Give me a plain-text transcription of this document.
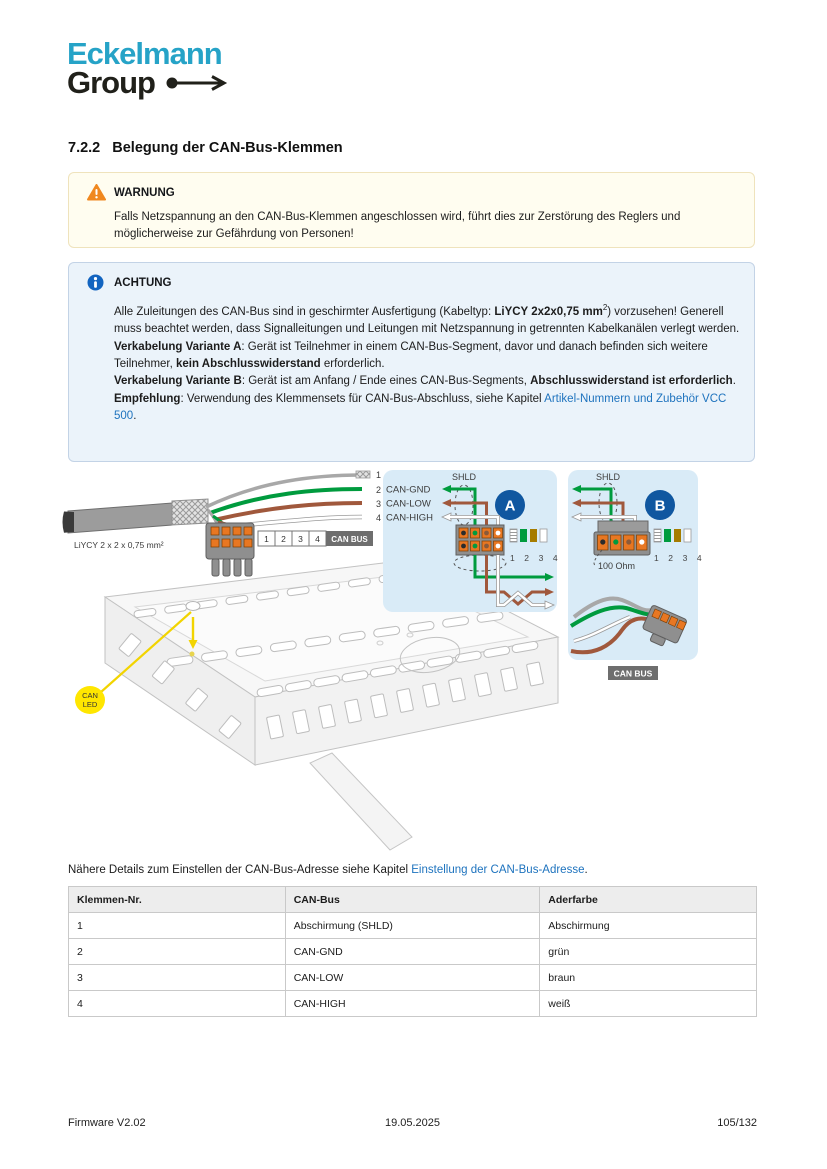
Eckelmann
Group
7.2.2 Belegung der CAN-Bus-Klemmen
WARNUNG
Falls Netzspannung an den CAN-Bus-Klemmen angeschlossen wird, führt dies zur Zerstörung des Reglers und möglicherweise zur Gefährdung von Personen!
ACHTUNG
Alle Zuleitungen des CAN-Bus sind in geschirmter Ausfertigung (Kabeltyp: LiYCY 2x2x0,75 $mm^2$) vorzusehen! Generell muss beachtet werden, dass Signalleitungen und Leitungen mit Netzspannung in getrennten Kabelkanälen verlegt werden.
Verkabelung Variante A: Gerät ist Teilnehmer in einem CAN-Bus-Segment, davor und danach befinden sich weitere Teilnehmer, kein Abschlusswiderstand erforderlich.
Verkabelung Variante B: Gerät ist am Anfang / Ende eines CAN-Bus-Segments, Abschlusswiderstand ist erforderlich.
Empfehlung: Verwendung des Klemmensets für CAN-Bus-Abschluss, siehe Kapitel Artikel-Nummern und Zubehör VCC 500.
CAN
LED
LiYCY 2 x 2 x 0,75 mm²
1 2 3 4 CAN BUS
1
2
3
4
CAN-GND
CAN-LOW
CAN-HIGH
SHLD
A
1 2 3 4
SHLD
B
100 Ohm
1 2 3 4
CAN BUS
Nähere Details zum Einstellen der CAN-Bus-Adresse siehe Kapitel Einstellung der CAN-Bus-Adresse.
Klemmen-Nr.	CAN-Bus	Aderfarbe
1	Abschirmung (SHLD)	Abschirmung
2	CAN-GND	grün
3	CAN-LOW	braun
4	CAN-HIGH	weiß
Firmware V2.02	19.05.2025	105/132
